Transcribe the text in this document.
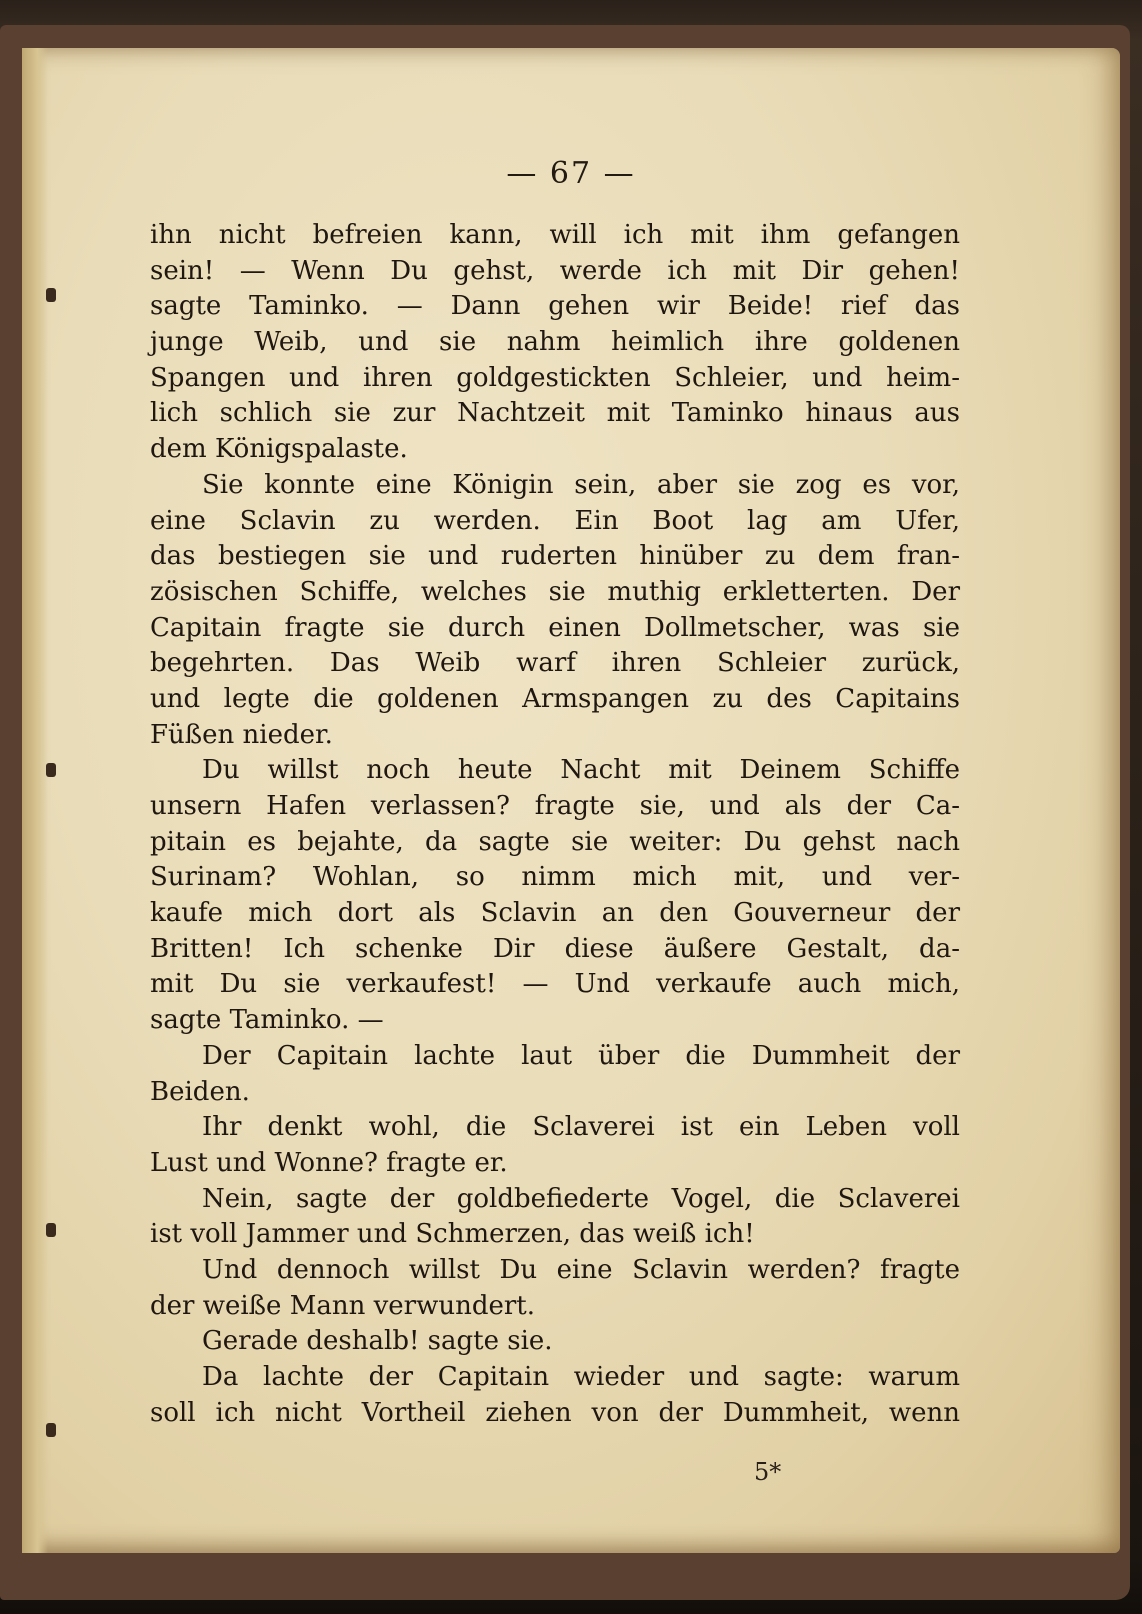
— 67 —
ihn nicht befreien kann, will ich mit ihm gefangen
sein! — Wenn Du gehst, werde ich mit Dir gehen!
sagte Taminko. — Dann gehen wir Beide! rief das
junge Weib, und sie nahm heimlich ihre goldenen
Spangen und ihren goldgestickten Schleier, und heim-
lich schlich sie zur Nachtzeit mit Taminko hinaus aus
dem Königspalaste.
Sie konnte eine Königin sein, aber sie zog es vor,
eine Sclavin zu werden. Ein Boot lag am Ufer,
das bestiegen sie und ruderten hinüber zu dem fran-
zösischen Schiffe, welches sie muthig erkletterten. Der
Capitain fragte sie durch einen Dollmetscher, was sie
begehrten. Das Weib warf ihren Schleier zurück,
und legte die goldenen Armspangen zu des Capitains
Füßen nieder.
Du willst noch heute Nacht mit Deinem Schiffe
unsern Hafen verlassen? fragte sie, und als der Ca-
pitain es bejahte, da sagte sie weiter: Du gehst nach
Surinam? Wohlan, so nimm mich mit, und ver-
kaufe mich dort als Sclavin an den Gouverneur der
Britten! Ich schenke Dir diese äußere Gestalt, da-
mit Du sie verkaufest! — Und verkaufe auch mich,
sagte Taminko. —
Der Capitain lachte laut über die Dummheit der
Beiden.
Ihr denkt wohl, die Sclaverei ist ein Leben voll
Lust und Wonne? fragte er.
Nein, sagte der goldbefiederte Vogel, die Sclaverei
ist voll Jammer und Schmerzen, das weiß ich!
Und dennoch willst Du eine Sclavin werden? fragte
der weiße Mann verwundert.
Gerade deshalb! sagte sie.
Da lachte der Capitain wieder und sagte: warum
soll ich nicht Vortheil ziehen von der Dummheit, wenn
5*
